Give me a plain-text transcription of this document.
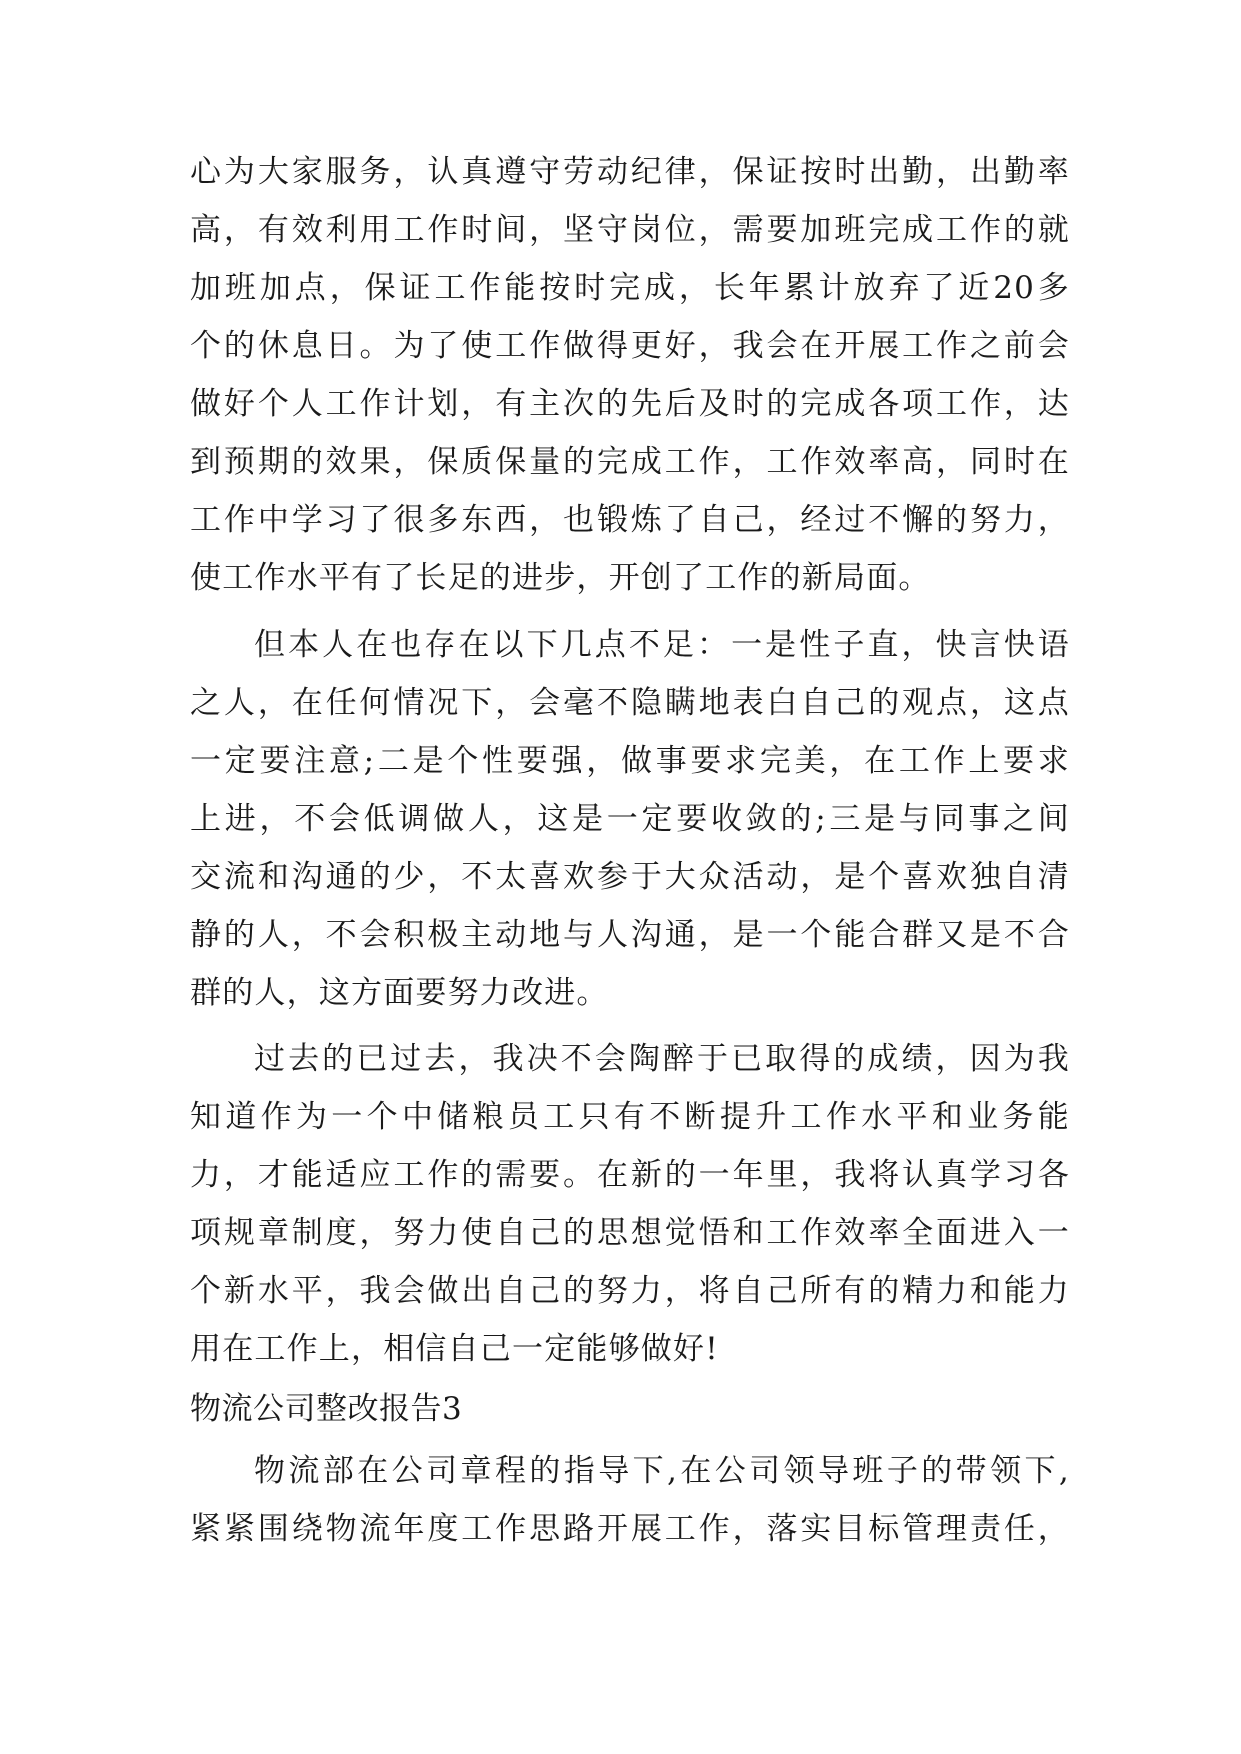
心为大家服务，认真遵守劳动纪律，保证按时出勤，出勤率
高，有效利用工作时间，坚守岗位，需要加班完成工作的就
加班加点，保证工作能按时完成，长年累计放弃了近20多
个的休息日。为了使工作做得更好，我会在开展工作之前会
做好个人工作计划，有主次的先后及时的完成各项工作，达
到预期的效果，保质保量的完成工作，工作效率高，同时在
工作中学习了很多东西，也锻炼了自己，经过不懈的努力，
使工作水平有了长足的进步，开创了工作的新局面。
但本人在也存在以下几点不足：一是性子直，快言快语
之人，在任何情况下，会毫不隐瞒地表白自己的观点，这点
一定要注意;二是个性要强，做事要求完美，在工作上要求
上进，不会低调做人，这是一定要收敛的;三是与同事之间
交流和沟通的少，不太喜欢参于大众活动，是个喜欢独自清
静的人，不会积极主动地与人沟通，是一个能合群又是不合
群的人，这方面要努力改进。
过去的已过去，我决不会陶醉于已取得的成绩，因为我
知道作为一个中储粮员工只有不断提升工作水平和业务能
力，才能适应工作的需要。在新的一年里，我将认真学习各
项规章制度，努力使自己的思想觉悟和工作效率全面进入一
个新水平，我会做出自己的努力，将自己所有的精力和能力
用在工作上，相信自己一定能够做好!
物流公司整改报告3
物流部在公司章程的指导下,在公司领导班子的带领下,
紧紧围绕物流年度工作思路开展工作，落实目标管理责任，
